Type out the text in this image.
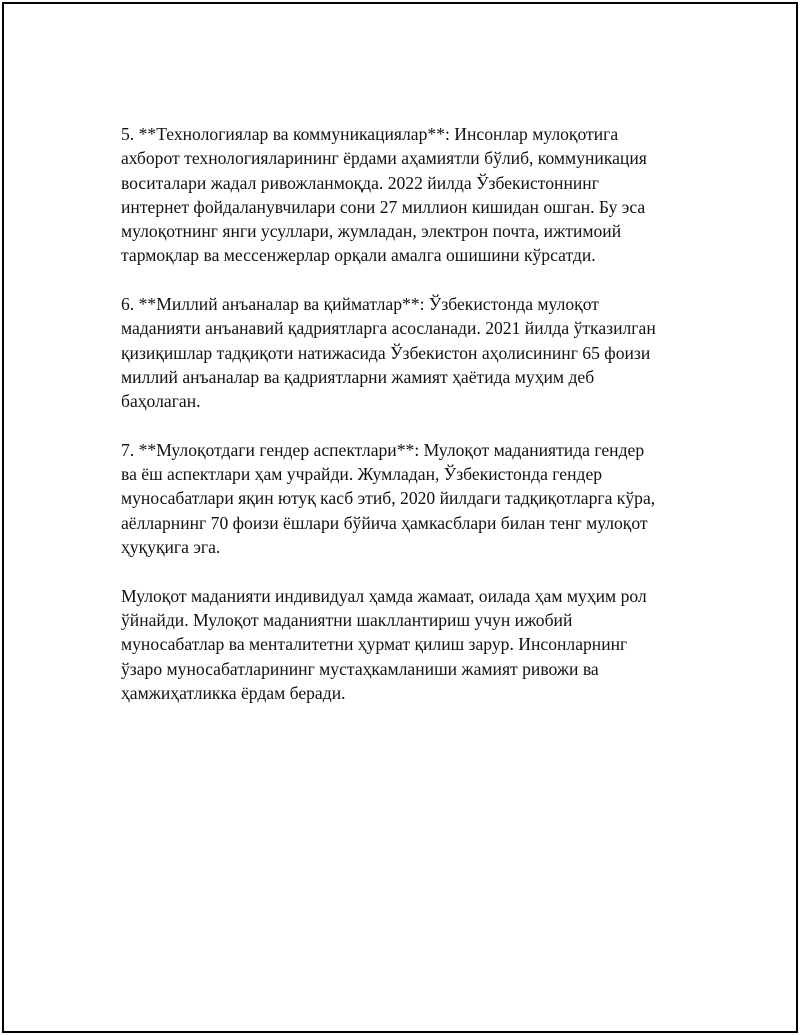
5. **Технологиялар ва коммуникациялар**: Инсонлар мулоқотига
ахборот технологияларининг ёрдами аҳамиятли бўлиб, коммуникация
воситалари жадал ривожланмоқда. 2022 йилда Ўзбекистоннинг
интернет фойдаланувчилари сони 27 миллион кишидан ошган. Бу эса
мулоқотнинг янги усуллари, жумладан, электрон почта, ижтимоий
тармоқлар ва мессенжерлар орқали амалга ошишини кўрсатди.

6. **Миллий анъаналар ва қийматлар**: Ўзбекистонда мулоқот
маданияти анъанавий қадриятларга асосланади. 2021 йилда ўтказилган
қизиқишлар тадқиқоти натижасида Ўзбекистон аҳолисининг 65 фоизи
миллий анъаналар ва қадриятларни жамият ҳаётида муҳим деб
баҳолаган.

7. **Мулоқотдаги гендер аспектлари**: Мулоқот маданиятида гендер
ва ёш аспектлари ҳам учрайди. Жумладан, Ўзбекистонда гендер
муносабатлари яқин ютуқ касб этиб, 2020 йилдаги тадқиқотларга кўра,
аёлларнинг 70 фоизи ёшлари бўйича ҳамкасблари билан тенг мулоқот
ҳуқуқига эга.

Мулоқот маданияти индивидуал ҳамда жамаат, оилада ҳам муҳим рол
ўйнайди. Мулоқот маданиятни шакллантириш учун ижобий
муносабатлар ва менталитетни ҳурмат қилиш зарур. Инсонларнинг
ўзаро муносабатларининг мустаҳкамланиши жамият ривожи ва
ҳамжиҳатликка ёрдам беради.
